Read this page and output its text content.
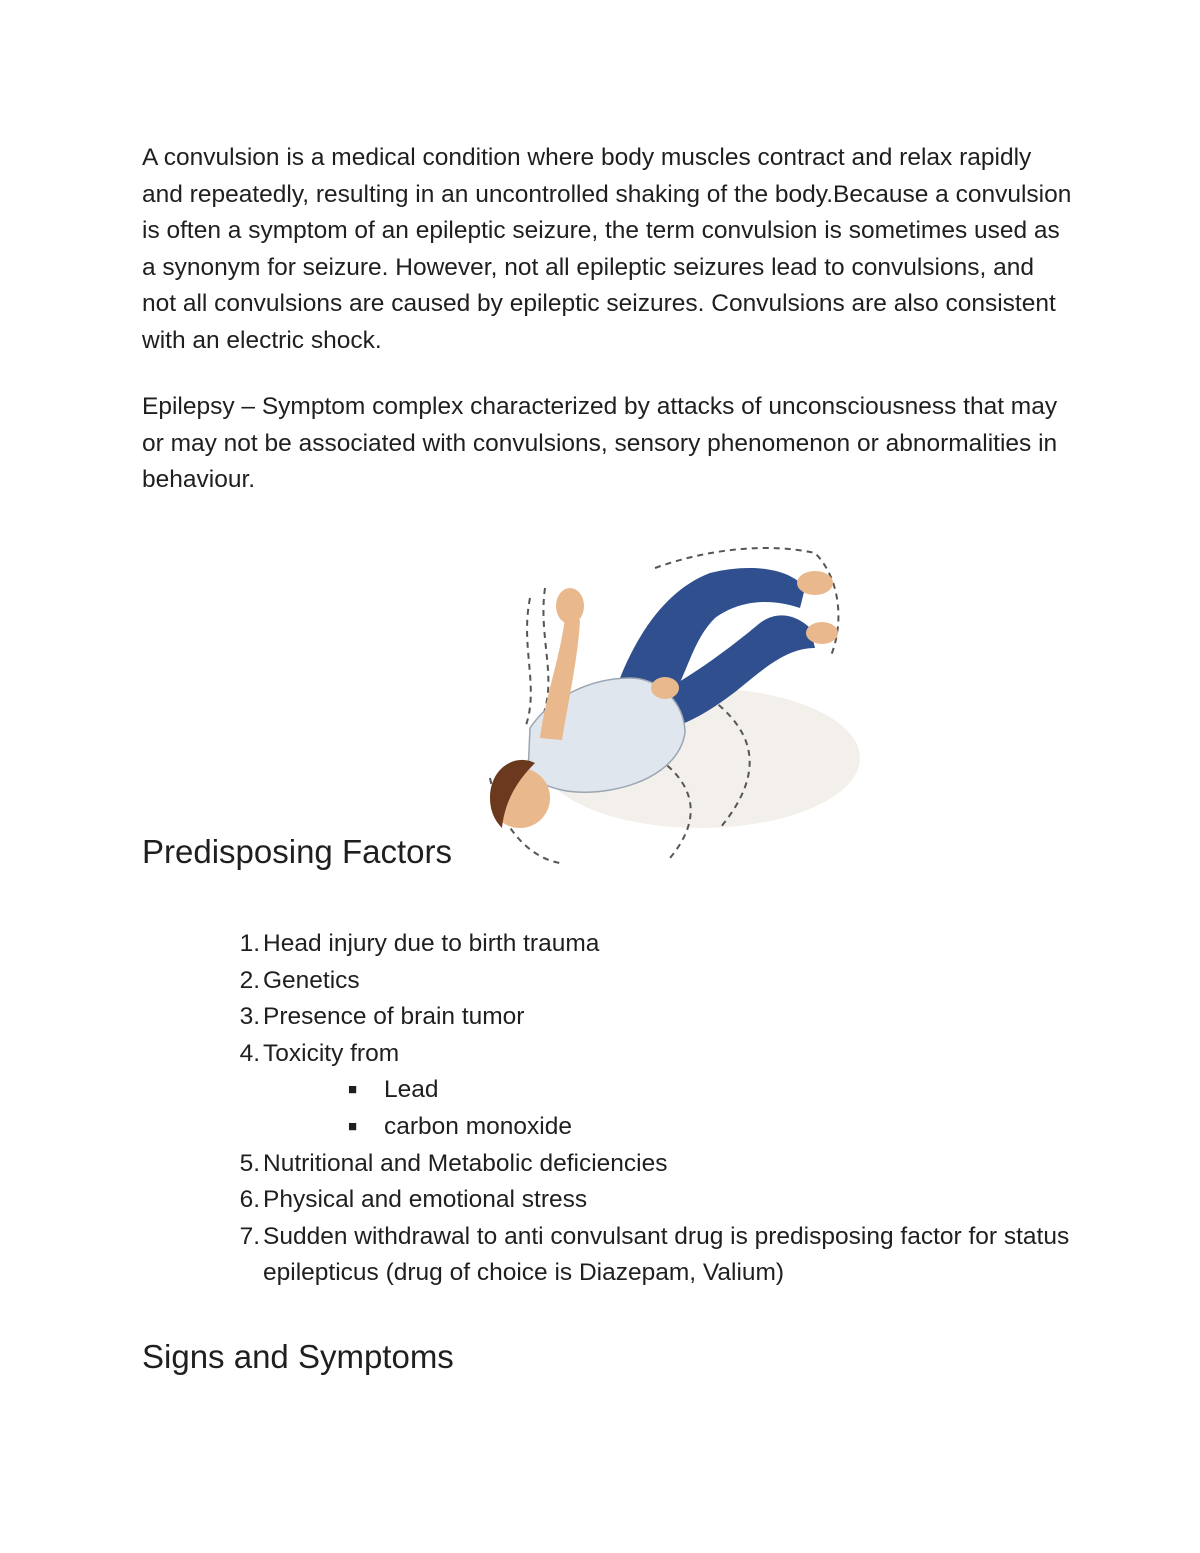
A convulsion is a medical condition where body muscles contract and relax rapidly and repeatedly, resulting in an uncontrolled shaking of the body.Because a convulsion is often a symptom of an epileptic seizure, the term convulsion is sometimes used as a synonym for seizure. However, not all epileptic seizures lead to convulsions, and not all convulsions are caused by epileptic seizures. Convulsions are also consistent with an electric shock.

Epilepsy – Symptom complex characterized by attacks of unconsciousness that may or may not be associated with convulsions, sensory phenomenon or abnormalities in behaviour.

Predisposing Factors
1. Head injury due to birth trauma
2. Genetics
3. Presence of brain tumor
4. Toxicity from
■ Lead
■ carbon monoxide
5. Nutritional and Metabolic deficiencies
6. Physical and emotional stress
7. Sudden withdrawal to anti convulsant drug is predisposing factor for status epilepticus (drug of choice is Diazepam, Valium)
Signs and Symptoms
